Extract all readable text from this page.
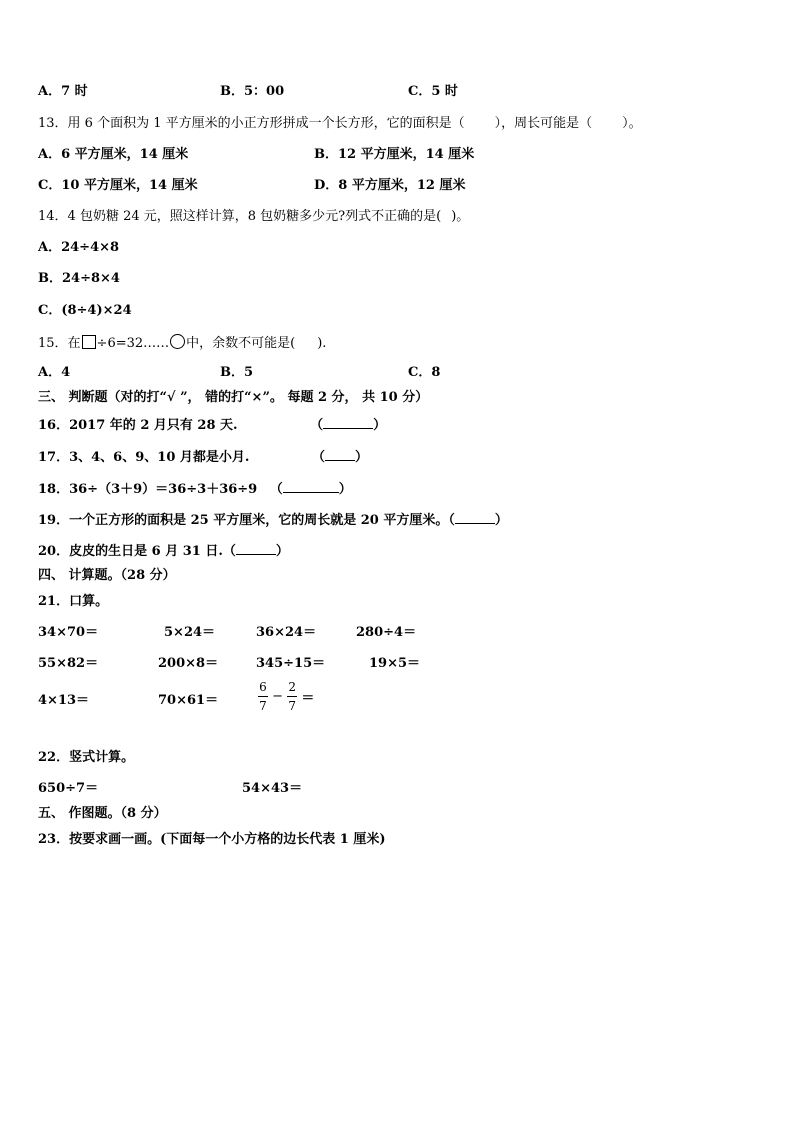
A．7 时	B．5：00	C．5 时
13．用 6 个面积为 1 平方厘米的小正方形拼成一个长方形，它的面积是（ ），周长可能是（ ）。
A．6 平方厘米，14 厘米	B．12 平方厘米，14 厘米
C．10 平方厘米，14 厘米	D．8 平方厘米，12 厘米
14．4 包奶糖 24 元，照这样计算，8 包奶糖多少元?列式不正确的是( )。
A．24÷4×8
B．24÷8×4
C．(8÷4)×24
15．在 ÷6=32…… 中，余数不可能是( ).
A．4	B．5	C．8
三、 判断题（对的打“√ ”， 错的打“×”。 每题 2 分， 共 10 分）
16．2017 年的 2 月只有 28 天.	（	）
17．3、4、6、9、10 月都是小月.	（ ）
18．36÷（3＋9）＝36÷3＋36÷9 （	）
19．一个正方形的面积是 25 平方厘米，它的周长就是 20 平方厘米。（	）
20．皮皮的生日是 6 月 31 日.（	）
四、 计算题。（28 分）
21．口算。
34×70＝	5×24＝	36×24＝	280÷4＝
55×82＝	200×8＝	345÷15＝	19×5＝
4×13＝	70×61＝	$\frac{6}{7} - \frac{2}{7}$ ＝
22．竖式计算。
650÷7＝	54×43＝
五、 作图题。（8 分）
23．按要求画一画。(下面每一个小方格的边长代表 1 厘米)
